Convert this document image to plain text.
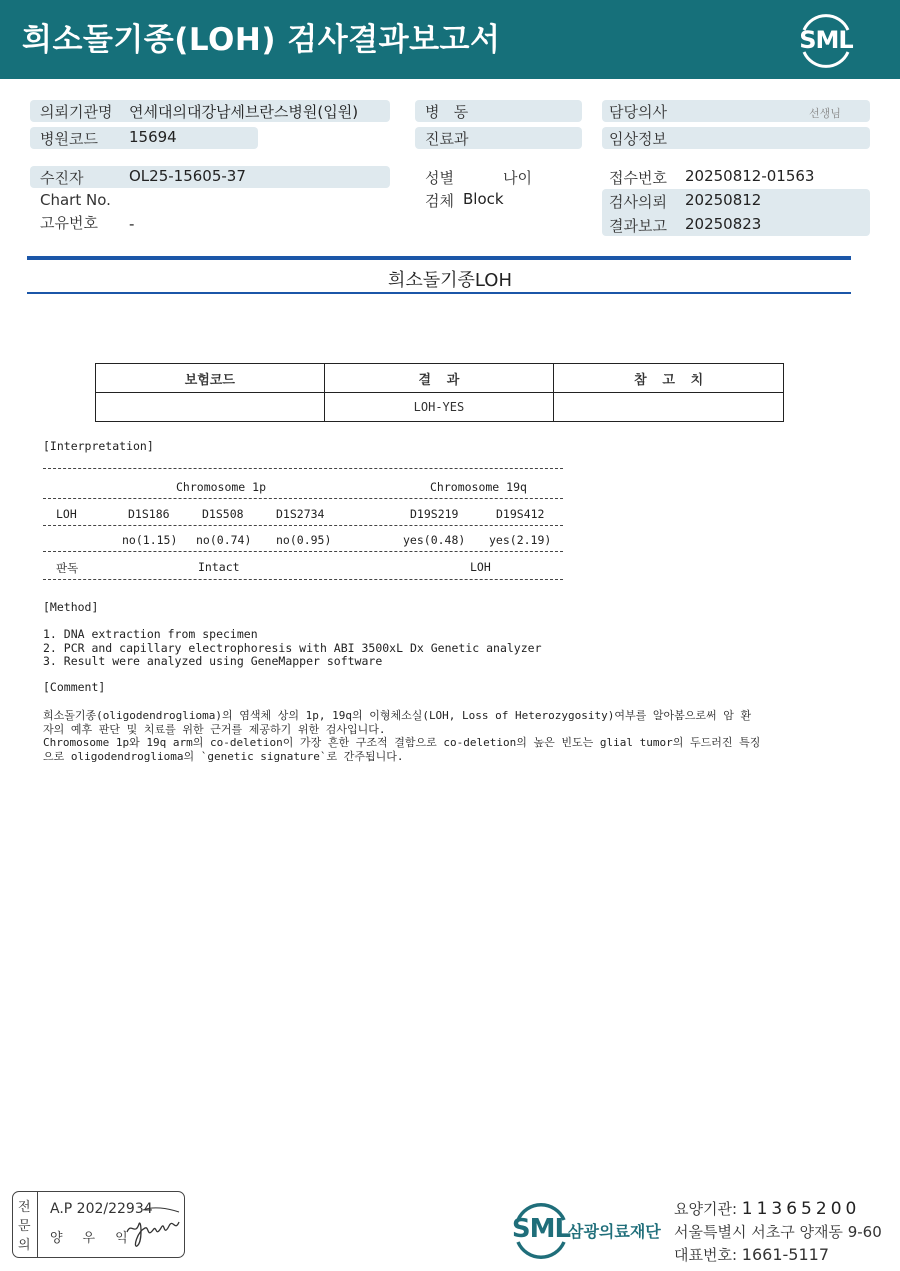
희소돌기종(LOH) 검사결과보고서	SML
의뢰기관명 연세대의대강남세브란스병원(입원)
병원코드 15694
수진자	OL25-15605-37
Chart No.
고유번호 -
병   동
진료과
성별	나이
검체 Block
담당의사	선생님
임상정보
접수번호 20250812-01563
검사의뢰 20250812
결과보고 20250823
희소돌기종LOH
보험코드	결  과	참  고  치
	LOH-YES	
[Interpretation]
Chromosome 1p	Chromosome 19q
LOH	D1S186	D1S508	D1S2734	D19S219	D19S412
no(1.15) no(0.74) no(0.95)	yes(0.48) yes(2.19)
판독	Intact	LOH
[Method]
1. DNA extraction from specimen
2. PCR and capillary electrophoresis with ABI 3500xL Dx Genetic analyzer
3. Result were analyzed using GeneMapper software
[Comment]
희소돌기종(oligodendroglioma)의 염색체 상의 1p, 19q의 이형체소실(LOH, Loss of Heterozygosity)여부를 알아봄으로써 암 환
자의 예후 판단 및 치료를 위한 근거를 제공하기 위한 검사입니다.
Chromosome 1p와 19q arm의 co-deletion이 가장 흔한 구조적 결함으로 co-deletion의 높은 빈도는 glial tumor의 두드러진 특징
으로 oligodendroglioma의 `genetic signature`로 간주됩니다.
전
문
의
A.P 202/22934
양우익	SML
삼광의료재단
요양기관: 11365200
서울특별시 서초구 양재동 9-60
대표번호: 1661-5117
